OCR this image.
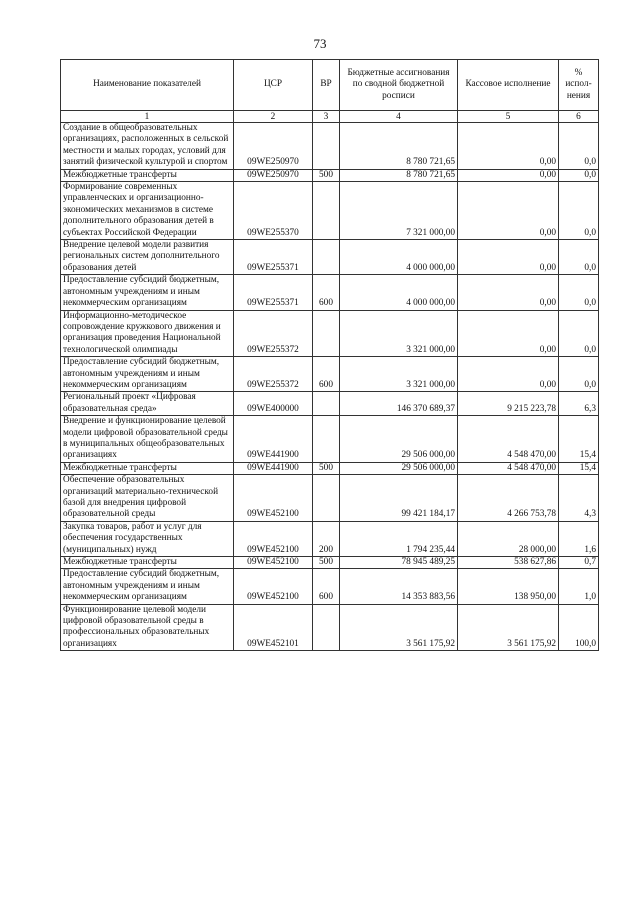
73
Наименование показателей	ЦСР	ВР	Бюджетные ассигнования по сводной бюджетной росписи	Кассовое исполнение	% испол-нения
1	2	3	4	5	6
Создание в общеобразовательных организациях, расположенных в сельской местности и малых городах, условий для занятий физической культурой и спортом	09WE250970		8 780 721,65	0,00	0,0
Межбюджетные трансферты	09WE250970	500	8 780 721,65	0,00	0,0
Формирование современных управленческих и организационно-экономических механизмов в системе дополнительного образования детей в субъектах Российской Федерации	09WE255370		7 321 000,00	0,00	0,0
Внедрение целевой модели развития региональных систем дополнительного образования детей	09WE255371		4 000 000,00	0,00	0,0
Предоставление субсидий бюджетным, автономным учреждениям и иным некоммерческим организациям	09WE255371	600	4 000 000,00	0,00	0,0
Информационно-методическое сопровождение кружкового движения и организация проведения Национальной технологической олимпиады	09WE255372		3 321 000,00	0,00	0,0
Предоставление субсидий бюджетным, автономным учреждениям и иным некоммерческим организациям	09WE255372	600	3 321 000,00	0,00	0,0
Региональный проект «Цифровая образовательная среда»	09WE400000		146 370 689,37	9 215 223,78	6,3
Внедрение и функционирование целевой модели цифровой образовательной среды в муниципальных общеобразовательных организациях	09WE441900		29 506 000,00	4 548 470,00	15,4
Межбюджетные трансферты	09WE441900	500	29 506 000,00	4 548 470,00	15,4
Обеспечение образовательных организаций материально-технической базой для внедрения цифровой образовательной среды	09WE452100		99 421 184,17	4 266 753,78	4,3
Закупка товаров, работ и услуг для обеспечения государственных (муниципальных) нужд	09WE452100	200	1 794 235,44	28 000,00	1,6
Межбюджетные трансферты	09WE452100	500	78 945 489,25	538 627,86	0,7
Предоставление субсидий бюджетным, автономным учреждениям и иным некоммерческим организациям	09WE452100	600	14 353 883,56	138 950,00	1,0
Функционирование целевой модели цифровой образовательной среды в профессиональных образовательных организациях	09WE452101		3 561 175,92	3 561 175,92	100,0
